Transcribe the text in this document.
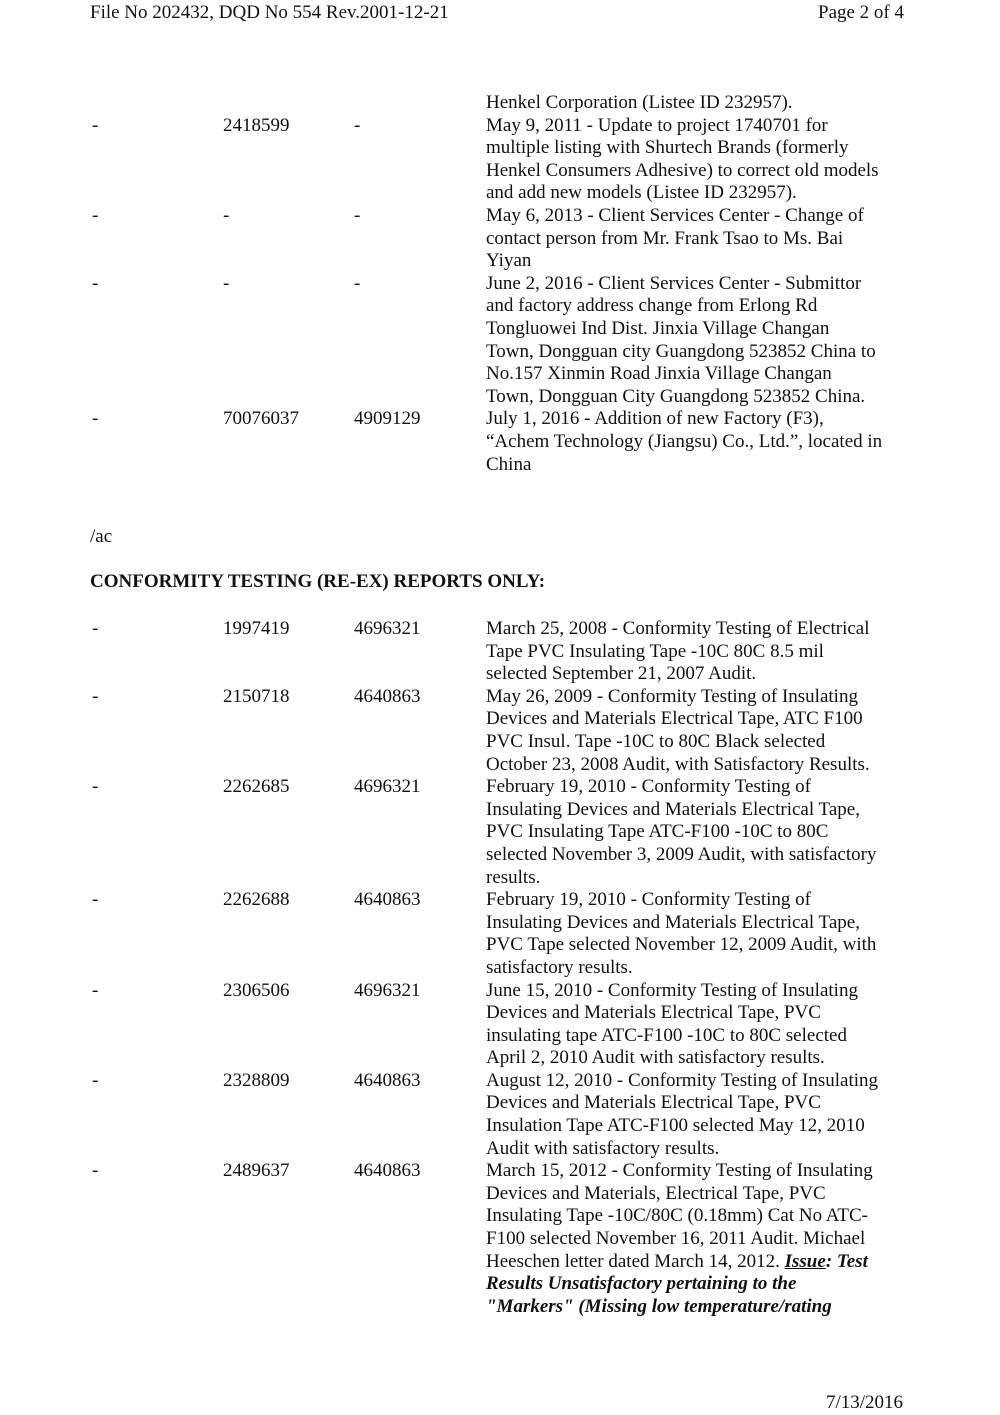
File No 202432, DQD No 554 Rev.2001-12-21	Page 2 of 4
Henkel Corporation (Listee ID 232957).
-	2418599	-	May 9, 2011 - Update to project 1740701 for
multiple listing with Shurtech Brands (formerly
Henkel Consumers Adhesive) to correct old models
and add new models (Listee ID 232957).
-	-	-	May 6, 2013 - Client Services Center - Change of
contact person from Mr. Frank Tsao to Ms. Bai
Yiyan
-	-	-	June 2, 2016 - Client Services Center - Submittor
and factory address change from Erlong Rd
Tongluowei Ind Dist. Jinxia Village Changan
Town, Dongguan city Guangdong 523852 China to
No.157 Xinmin Road Jinxia Village Changan
Town, Dongguan City Guangdong 523852 China.
-	70076037	4909129	July 1, 2016 - Addition of new Factory (F3),
“Achem Technology (Jiangsu) Co., Ltd.”, located in
China
/ac
CONFORMITY TESTING (RE-EX) REPORTS ONLY:
-	1997419	4696321	March 25, 2008 - Conformity Testing of Electrical
Tape PVC Insulating Tape -10C 80C 8.5 mil
selected September 21, 2007 Audit.
-	2150718	4640863	May 26, 2009 - Conformity Testing of Insulating
Devices and Materials Electrical Tape, ATC F100
PVC Insul. Tape -10C to 80C Black selected
October 23, 2008 Audit, with Satisfactory Results.
-	2262685	4696321	February 19, 2010 - Conformity Testing of
Insulating Devices and Materials Electrical Tape,
PVC Insulating Tape ATC-F100 -10C to 80C
selected November 3, 2009 Audit, with satisfactory
results.
-	2262688	4640863	February 19, 2010 - Conformity Testing of
Insulating Devices and Materials Electrical Tape,
PVC Tape selected November 12, 2009 Audit, with
satisfactory results.
-	2306506	4696321	June 15, 2010 - Conformity Testing of Insulating
Devices and Materials Electrical Tape, PVC
insulating tape ATC-F100 -10C to 80C selected
April 2, 2010 Audit with satisfactory results.
-	2328809	4640863	August 12, 2010 - Conformity Testing of Insulating
Devices and Materials Electrical Tape, PVC
Insulation Tape ATC-F100 selected May 12, 2010
Audit with satisfactory results.
-	2489637	4640863	March 15, 2012 - Conformity Testing of Insulating
Devices and Materials, Electrical Tape, PVC
Insulating Tape -10C/80C (0.18mm) Cat No ATC-
F100 selected November 16, 2011 Audit. Michael
Heeschen letter dated March 14, 2012. Issue: Test
Results Unsatisfactory pertaining to the
"Markers" (Missing low temperature/rating
7/13/2016
